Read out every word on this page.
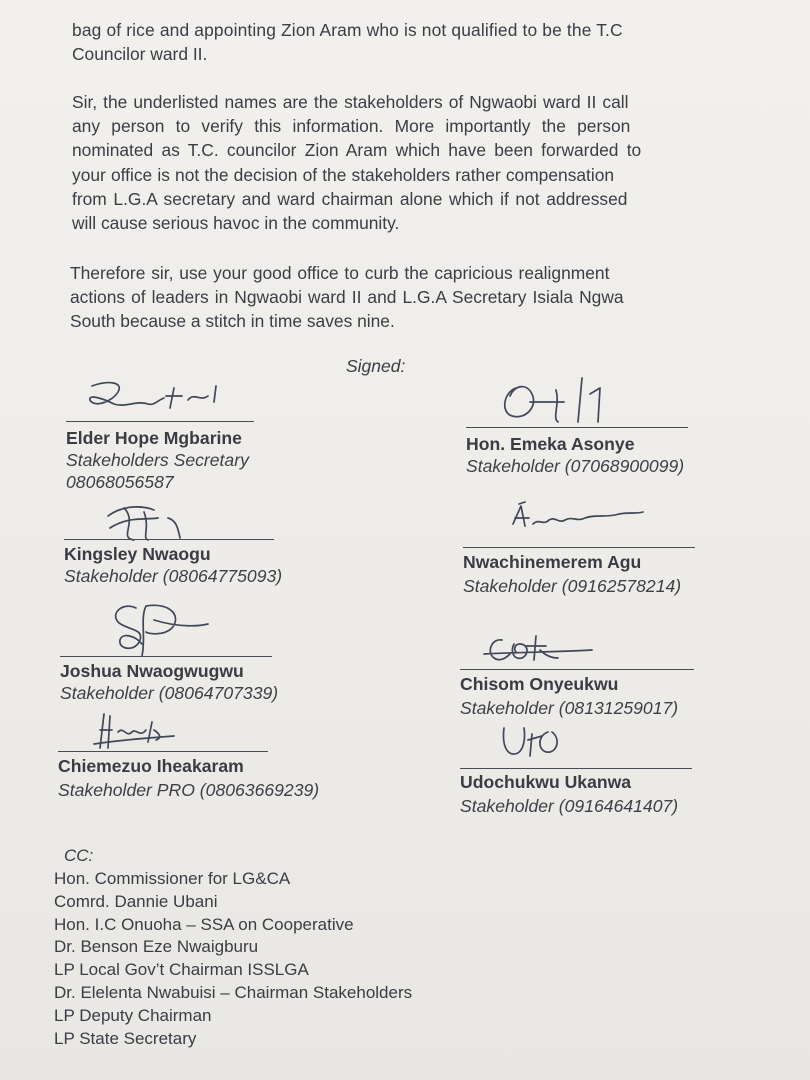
bag of rice and appointing Zion Aram who is not qualified to be the T.C
Councilor ward II.

Sir, the underlisted names are the stakeholders of Ngwaobi ward II call
any person to verify this information. More importantly the person
nominated as T.C. councilor Zion Aram which have been forwarded to
your office is not the decision of the stakeholders rather compensation
from L.G.A secretary and ward chairman alone which if not addressed
will cause serious havoc in the community.

Therefore sir, use your good office to curb the capricious realignment
actions of leaders in Ngwaobi ward II and L.G.A Secretary Isiala Ngwa
South because a stitch in time saves nine.

Signed:
Elder Hope Mgbarine
Stakeholders Secretary
08068056587
Hon. Emeka Asonye
Stakeholder (07068900099)
Kingsley Nwaogu
Stakeholder (08064775093)
Nwachinemerem Agu
Stakeholder (09162578214)
Joshua Nwaogwugwu
Stakeholder (08064707339)	Chisom Onyeukwu
Stakeholder (08131259017)
Chiemezuo Iheakaram
Stakeholder PRO (08063669239)	Udochukwu Ukanwa
Stakeholder (09164641407)
CC:
Hon. Commissioner for LG&CA
Comrd. Dannie Ubani
Hon. I.C Onuoha – SSA on Cooperative
Dr. Benson Eze Nwaigburu
LP Local Gov’t Chairman ISSLGA
Dr. Elelenta Nwabuisi – Chairman Stakeholders
LP Deputy Chairman
LP State Secretary
